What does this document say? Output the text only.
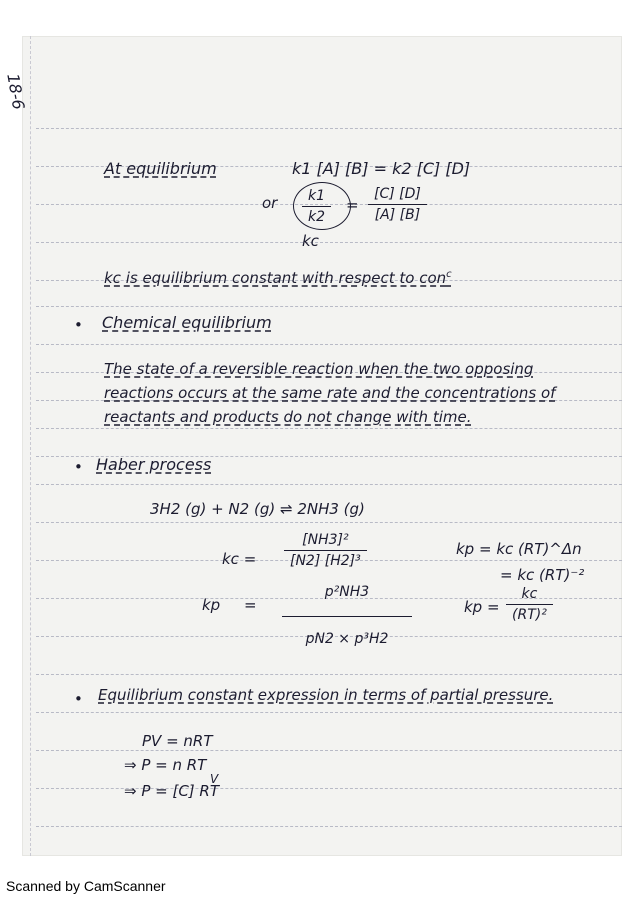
18-6
At equilibrium	k1 [A] [B] = k2 [C] [D]
or	k1
k2
=
[C] [D]
[A] [B]
kc
kc is equilibrium constant with respect to con$^c$
• Chemical equilibrium
The state of a reversible reaction when the two opposing
reactions occurs at the same rate and the concentrations of
reactants and products do not change with time.
• Haber process
3H2 (g) + N2 (g) ⇌ 2NH3 (g)
kc =
[NH3]²
[N2] [H2]³
kp = kc (RT)^Δn
= kc (RT)⁻²
kp     =
p²NH3
pN2 × p³H2
kp =
kc
(RT)²
• Equilibrium constant expression in terms of partial pressure.
PV = nRT
⇒ P = n RT
V
⇒ P = [C] RT
Scanned by CamScanner
